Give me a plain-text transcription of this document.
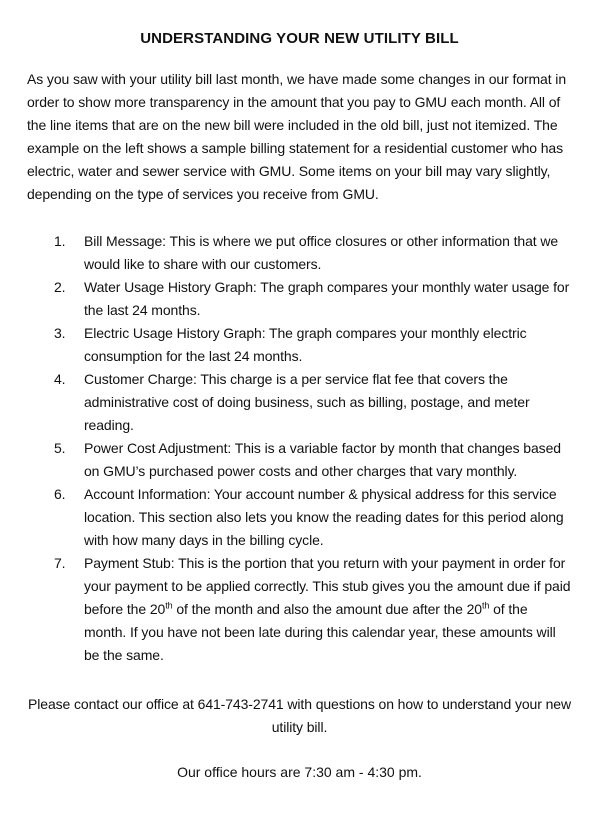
UNDERSTANDING YOUR NEW UTILITY BILL

As you saw with your utility bill last month, we have made some changes in our format in order to show more transparency in the amount that you pay to GMU each month. All of the line items that are on the new bill were included in the old bill, just not itemized. The example on the left shows a sample billing statement for a residential customer who has electric, water and sewer service with GMU. Some items on your bill may vary slightly, depending on the type of services you receive from GMU.

1.	Bill Message: This is where we put office closures or other information that we would like to share with our customers.
2.	Water Usage History Graph: The graph compares your monthly water usage for the last 24 months.
3.	Electric Usage History Graph: The graph compares your monthly electric consumption for the last 24 months.
4.	Customer Charge: This charge is a per service flat fee that covers the administrative cost of doing business, such as billing, postage, and meter reading.
5.	Power Cost Adjustment: This is a variable factor by month that changes based on GMU’s purchased power costs and other charges that vary monthly.
6.	Account Information: Your account number & physical address for this service location. This section also lets you know the reading dates for this period along with how many days in the billing cycle.
7.	Payment Stub: This is the portion that you return with your payment in order for your payment to be applied correctly. This stub gives you the amount due if paid before the 20th of the month and also the amount due after the 20th of the month. If you have not been late during this calendar year, these amounts will be the same.

Please contact our office at 641-743-2741 with questions on how to understand your new utility bill.

Our office hours are 7:30 am - 4:30 pm.
